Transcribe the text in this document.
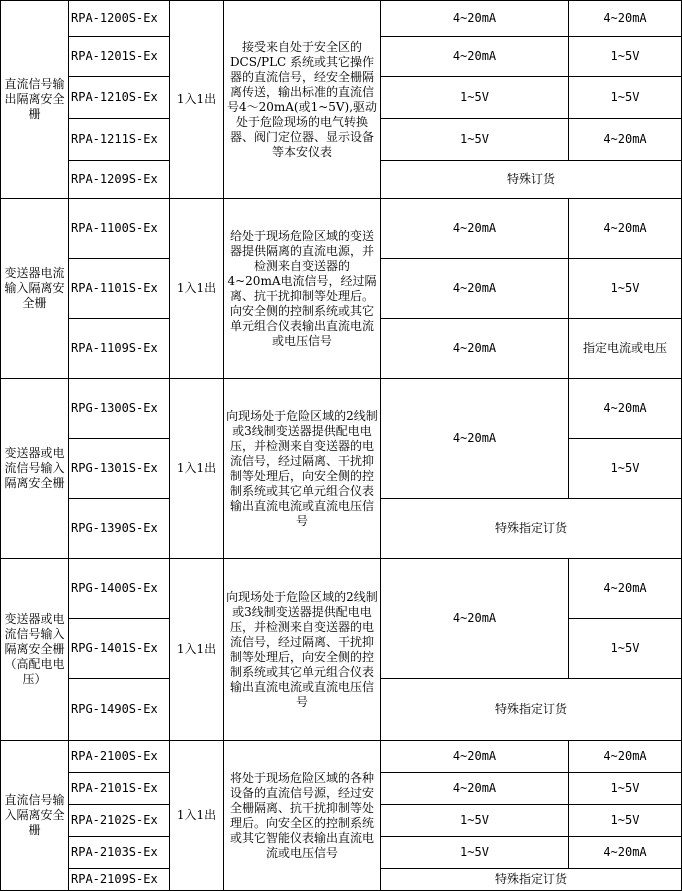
直流信号输出隔离安全栅	RPA-1200S-Ex	1入1出	接受来自处于安全区的 DCS/PLC 系统或其它操作器的直流信号，经安全栅隔离传送，输出标准的直流信号4～20mA(或1~5V),驱动处于危险现场的电气转换器、阀门定位器、显示设备等本安仪表	4~20mA	4~20mA
	RPA-1201S-Ex			4~20mA	1~5V
	RPA-1210S-Ex			1~5V	1~5V
	RPA-1211S-Ex			1~5V	4~20mA
	RPA-1209S-Ex			特殊订货	
变送器电流输入隔离安全栅	RPA-1100S-Ex	1入1出	给处于现场危险区域的变送器提供隔离的直流电源，并检测来自变送器的 4~20mA电流信号，经过隔离、抗干扰抑制等处理后。向安全侧的控制系统或其它单元组合仪表输出直流电流或电压信号	4~20mA	4~20mA
	RPA-1101S-Ex			4~20mA	1~5V
	RPA-1109S-Ex			4~20mA	指定电流或电压
变送器或电流信号输入隔离安全栅	RPG-1300S-Ex	1入1出	向现场处于危险区域的2线制或3线制变送器提供配电电压，并检测来自变送器的电流信号，经过隔离、干扰抑制等处理后，向安全侧的控制系统或其它单元组合仪表输出直流电流或直流电压信号	4~20mA	4~20mA
	RPG-1301S-Ex				1~5V
	RPG-1390S-Ex			特殊指定订货	
变送器或电流信号输入隔离安全栅（高配电电压）	RPG-1400S-Ex	1入1出	向现场处于危险区域的2线制或3线制变送器提供配电电压，并检测来自变送器的电流信号，经过隔离、干扰抑制等处理后，向安全侧的控制系统或其它单元组合仪表输出直流电流或直流电压信号	4~20mA	4~20mA
	RPG-1401S-Ex				1~5V
	RPG-1490S-Ex			特殊指定订货	
直流信号输入隔离安全栅	RPA-2100S-Ex	1入1出	将处于现场危险区域的各种设备的直流信号源，经过安全栅隔离、抗干扰抑制等处理后。向安全区的控制系统或其它智能仪表输出直流电流或电压信号	4~20mA	4~20mA
	RPA-2101S-Ex			4~20mA	1~5V
	RPA-2102S-Ex			1~5V	1~5V
	RPA-2103S-Ex			1~5V	4~20mA
	RPA-2109S-Ex			特殊指定订货	
